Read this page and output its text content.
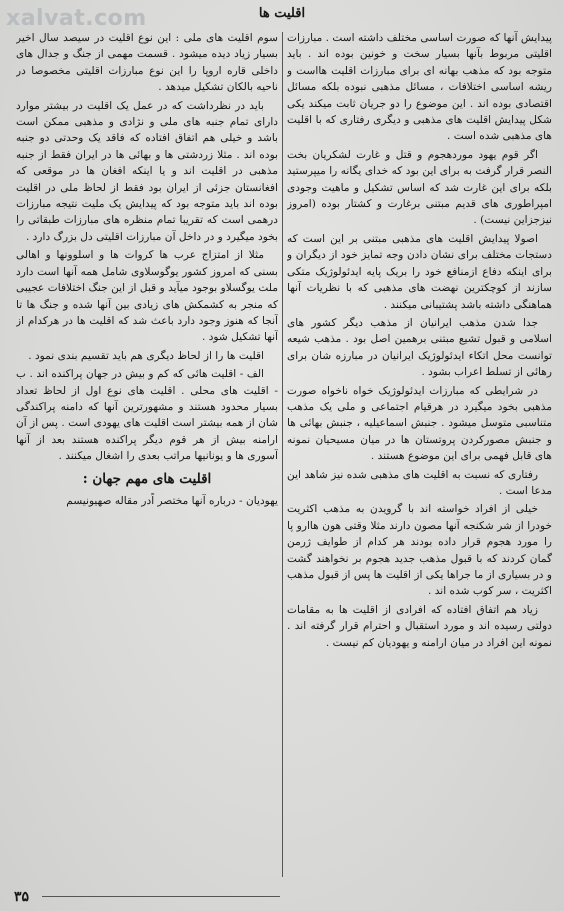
xalvat.com	اقلیت ها

پیدایش آنها که صورت اساسی مختلف داشته است . مبارزات اقلیتی مربوط بآنها بسیار سخت و خونین بوده اند . باید متوجه بود که مذهب بهانه ای برای مبارزات اقلیت هااست و ریشه اساسی اختلافات ، مسائل مذهبی نبوده بلکه مسائل اقتصادی بوده اند . این موضوع را دو جریان ثابت میکند یکی شکل پیدایش اقلیت های مذهبی و دیگری رفتاری که با اقلیت های مذهبی شده است .

اگر قوم یهود موردهجوم و قتل و غارت لشکریان بخت النصر قرار گرفت به برای این بود که خدای یگانه را میپرستید بلکه برای این غارت شد که اساس تشکیل و ماهیت وجودی امپراطوری های قدیم مبتنی برغارت و کشتار بوده (امروز نیزجزاین نیست) .

اصولا پیدایش اقلیت های مذهبی مبتنی بر این است که دستجات مختلف برای نشان دادن وجه تمایز خود از دیگران و برای اینکه دفاع ازمنافع خود را بریک پایه ایدئولوژیک متکی سازند از کوچکترین نهضت های مذهبی که با نظریات آنها هماهنگی داشته باشد پشتیبانی میکنند .

جدا شدن مذهب ایرانیان از مذهب دیگر کشور های اسلامی و قبول تشیع مبتنی برهمین اصل بود . مذهب شیعه توانست محل اتکاء ایدئولوژیک ایرانیان در مبارزه شان برای رهائی از تسلط اعراب بشود .

در شرایطی که مبارزات ایدئولوژیک خواه ناخواه صورت مذهبی بخود میگیرد در هرقیام اجتماعی و ملی یک مذهب متناسبی متوسل میشود . جنبش اسماعیلیه ، جنبش بهائی ها و جنبش مصورکردن پروتستان ها در میان مسیحیان نمونه های قابل فهمی برای این موضوع هستند .

رفتاری که نسبت به اقلیت های مذهبی شده نیز شاهد این مدعا است .

خیلی از افراد خواسته اند با گرویدن به مذهب اکثریت خودرا از شر شکنجه آنها مصون دارند مثلا وقتی هون هاارو پا را مورد هجوم قرار داده بودند هر کدام از طوایف ژرمن گمان کردند که با قبول مذهب جدید هجوم بر نخواهند گشت و در بسیاری از ما جراها یکی از اقلیت ها پس از قبول مذهب اکثریت ، سر کوب شده اند .

زیاد هم اتفاق افتاده که افرادی از اقلیت ها به مقامات دولتی رسیده اند و مورد استقبال و احترام قرار گرفته اند . نمونه این افراد در میان ارامنه و یهودیان کم نیست .

سوم اقلیت های ملی : این نوع اقلیت در سیصد سال اخیر بسیار زیاد دیده میشود . قسمت مهمی از جنگ و جدال های داخلی قاره اروپا را این نوع مبارزات اقلیتی مخصوصا در ناحیه بالکان تشکیل میدهد .

باید در نظرداشت که در عمل یک اقلیت در بیشتر موارد دارای تمام جنبه های ملی و نژادی و مذهبی ممکن است باشد و خیلی هم اتفاق افتاده که فاقد یک وحدتی دو جنبه بوده اند . مثلا زردشتی ها و بهائی ها در ایران فقط از جنبه مذهبی در اقلیت اند و یا اینکه افغان ها در موقعی که افغانستان جزئی از ایران بود فقط از لحاظ ملی در اقلیت بوده اند باید متوجه بود که پیدایش یک ملیت نتیجه مبارزات درهمی است که تقریبا تمام منظره های مبارزات طبقاتی را بخود میگیرد و در داخل آن مبارزات اقلیتی دل بزرگ دارد .

مثلا از امتزاج عرب ها کروات ها و اسلوونها و اهالی بسنی که امروز کشور یوگوسلاوی شامل همه آنها است دارد ملت یوگسلاو بوجود میآید و قبل از این جنگ اختلافات عجیبی که منجر به کشمکش های زیادی بین آنها شده و جنگ ها تا آنجا که هنوز وجود دارد باعث شد که اقلیت ها در هرکدام از آنها تشکیل شود .

اقلیت ها را از لحاظ دیگری هم باید تقسیم بندی نمود .

الف - اقلیت هائی که کم و بیش در جهان پراکنده اند . ب - اقلیت های محلی . اقلیت های نوع اول از لحاظ تعداد بسیار محدود هستند و مشهورترین آنها که دامنه پراکندگی شان از همه بیشتر است اقلیت های یهودی است . پس از آن ارامنه بیش از هر قوم دیگر پراکنده هستند بعد از آنها آسوری ها و یونانیها مراتب بعدی را اشغال میکنند .

اقلیت های مهم جهان :

یهودیان - درباره آنها مختصر اًدر مقاله صهیونیسم

۳۵
